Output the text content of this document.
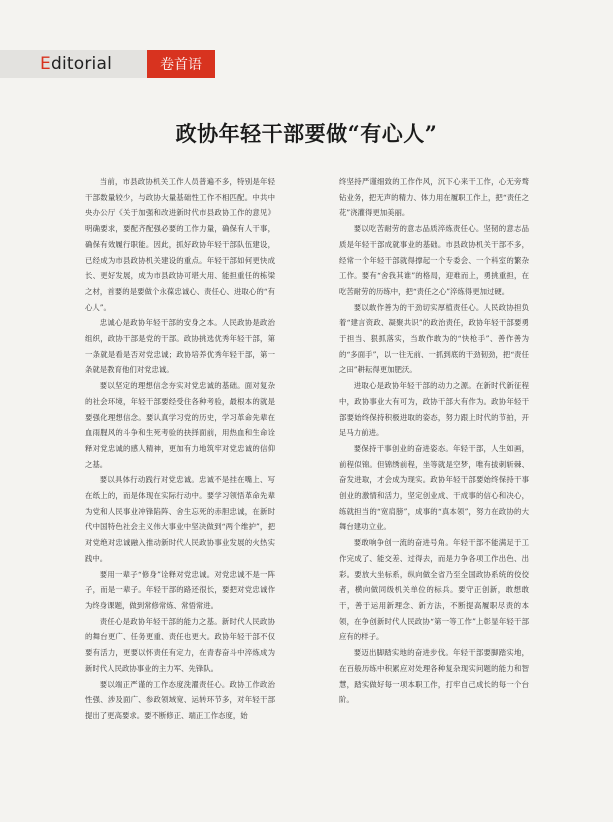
E ditorial	卷首语
政协年轻干部要做“有心人”

当前，市县政协机关工作人员普遍不多，特别是年轻干部数量较少，与政协大量基础性工作不相匹配。中共中央办公厅《关于加强和改进新时代市县政协工作的意见》明确要求，要配齐配强必要的工作力量，确保有人干事，确保有效履行职能。因此，抓好政协年轻干部队伍建设，已经成为市县政协机关建设的重点。年轻干部如何更快成长、更好发展，成为市县政协可堪大用、能担重任的栋梁之材，首要的是要做个永葆忠诚心、责任心、进取心的“有心人”。

忠诚心是政协年轻干部的安身之本。人民政协是政治组织，政协干部是党的干部。政协挑选优秀年轻干部，第一条就是看是否对党忠诚；政协培养优秀年轻干部，第一条就是教育他们对党忠诚。

要以坚定的理想信念夯实对党忠诚的基础。面对复杂的社会环境，年轻干部要经受住各种考验，最根本的就是要强化理想信念。要认真学习党的历史，学习革命先辈在血雨腥风的斗争和生死考验的抉择面前，用热血和生命诠释对党忠诚的感人精神，更加有力地筑牢对党忠诚的信仰之基。

要以具体行动践行对党忠诚。忠诚不是挂在嘴上、写在纸上的，而是体现在实际行动中。要学习领悟革命先辈为党和人民事业冲锋陷阵、舍生忘死的赤胆忠诚，在新时代中国特色社会主义伟大事业中坚决做到“两个维护”，把对党绝对忠诚融入推动新时代人民政协事业发展的火热实践中。

要用一辈子“修身”诠释对党忠诚。对党忠诚不是一阵子，而是一辈子。年轻干部的路还很长，要把对党忠诚作为终身课题，做到常修常炼、常悟常进。

责任心是政协年轻干部的能力之基。新时代人民政协的舞台更广、任务更重、责任也更大。政协年轻干部不仅要有活力，更要以怀责任有定力，在青春奋斗中淬炼成为新时代人民政协事业的主力军、先锋队。

要以端正严谨的工作态度洗濯责任心。政协工作政治性强、涉及面广、参政领域宽、运转环节多，对年轻干部提出了更高要求。要不断修正、端正工作态度，始

终坚持严谨细致的工作作风，沉下心来干工作，心无旁骛钻业务，把无声的精力、体力用在履职工作上，把“责任之花”浇灌得更加美丽。

要以吃苦耐劳的意志品质淬炼责任心。坚韧的意志品质是年轻干部成就事业的基础。市县政协机关干部不多，经常一个年轻干部就得撑起一个专委会、一个科室的繁杂工作。要有“舍我其谁”的格局，迎难而上，勇挑重担，在吃苦耐劳的历练中，把“责任之心”淬炼得更加过硬。

要以敢作善为的干劲切实厚植责任心。人民政协担负着“建言资政、凝聚共识”的政治责任，政协年轻干部要勇于担当、狠抓落实，当敢作敢为的“快枪手”、善作善为的“多面手”，以一往无前、一抓到底的干劲韧劲，把“责任之田”耕耘得更加肥沃。

进取心是政协年轻干部的动力之源。在新时代新征程中，政协事业大有可为，政协干部大有作为。政协年轻干部要始终保持积极进取的姿态，努力跟上时代的节拍，开足马力前进。

要保持干事创业的奋进姿态。年轻干部，人生如画，前程似锦。但锦绣前程，坐等就是空梦，唯有拔刺斩棘、奋发进取，才会成为现实。政协年轻干部要始终保持干事创业的激情和活力，坚定创业成、干成事的信心和决心，练就担当的“宽肩膀”，成事的“真本领”，努力在政协的大舞台建功立业。

要敢响争创一流的奋进号角。年轻干部不能满足于工作完成了、能交差、过得去，而是力争各项工作出色、出彩。要放大坐标系，纵向做全省乃至全国政协系统的佼佼者，横向做同级机关单位的标兵。要守正创新，敢想敢干，善于运用新理念、新方法，不断提高履职尽责的本领，在争创新时代人民政协“第一等工作”上彰显年轻干部应有的样子。

要迈出脚踏实地的奋进步伐。年轻干部要脚踏实地，在百般历练中积累应对处理各种复杂现实问题的能力和智慧，踏实做好每一项本职工作，打牢自己成长的每一个台阶。
